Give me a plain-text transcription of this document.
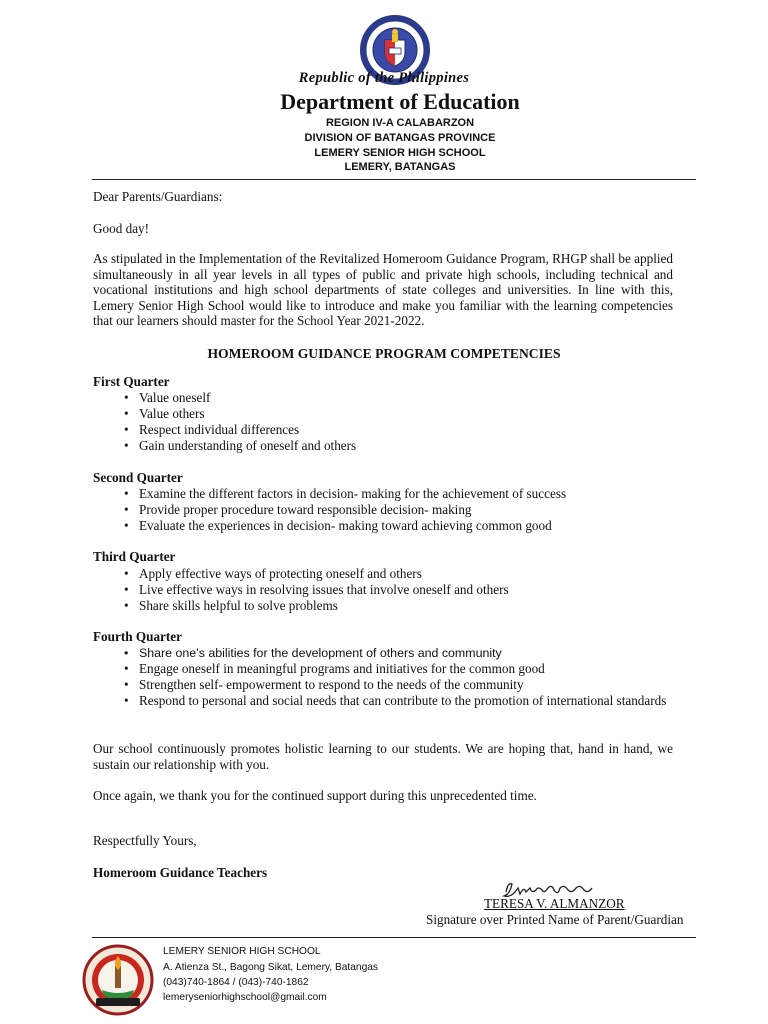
Republic of the Philippines
Department of Education
REGION IV-A CALABARZON
DIVISION OF BATANGAS PROVINCE
LEMERY SENIOR HIGH SCHOOL
LEMERY, BATANGAS
Dear Parents/Guardians:
Good day!
As stipulated in the Implementation of the Revitalized Homeroom Guidance Program, RHGP shall be applied simultaneously in all year levels in all types of public and private high schools, including technical and vocational institutions and high school departments of state colleges and universities. In line with this, Lemery Senior High School would like to introduce and make you familiar with the learning competencies that our learners should master for the School Year 2021-2022.
HOMEROOM GUIDANCE PROGRAM COMPETENCIES
First Quarter
• Value oneself
• Value others
• Respect individual differences
• Gain understanding of oneself and others
Second Quarter
• Examine the different factors in decision- making for the achievement of success
• Provide proper procedure toward responsible decision- making
• Evaluate the experiences in decision- making toward achieving common good
Third Quarter
• Apply effective ways of protecting oneself and others
• Live effective ways in resolving issues that involve oneself and others
• Share skills helpful to solve problems
Fourth Quarter
• Share one’s abilities for the development of others and community
• Engage oneself in meaningful programs and initiatives for the common good
• Strengthen self- empowerment to respond to the needs of the community
• Respond to personal and social needs that can contribute to the promotion of international standards
Our school continuously promotes holistic learning to our students. We are hoping that, hand in hand, we sustain our relationship with you.
Once again, we thank you for the continued support during this unprecedented time.
Respectfully Yours,
Homeroom Guidance Teachers
TERESA V. ALMANZOR
Signature over Printed Name of Parent/Guardian
LEMERY SENIOR HIGH SCHOOL
A. Atienza St., Bagong Sikat, Lemery, Batangas
(043)740-1864 / (043)-740-1862
lemeryseniorhighschool@gmail.com
